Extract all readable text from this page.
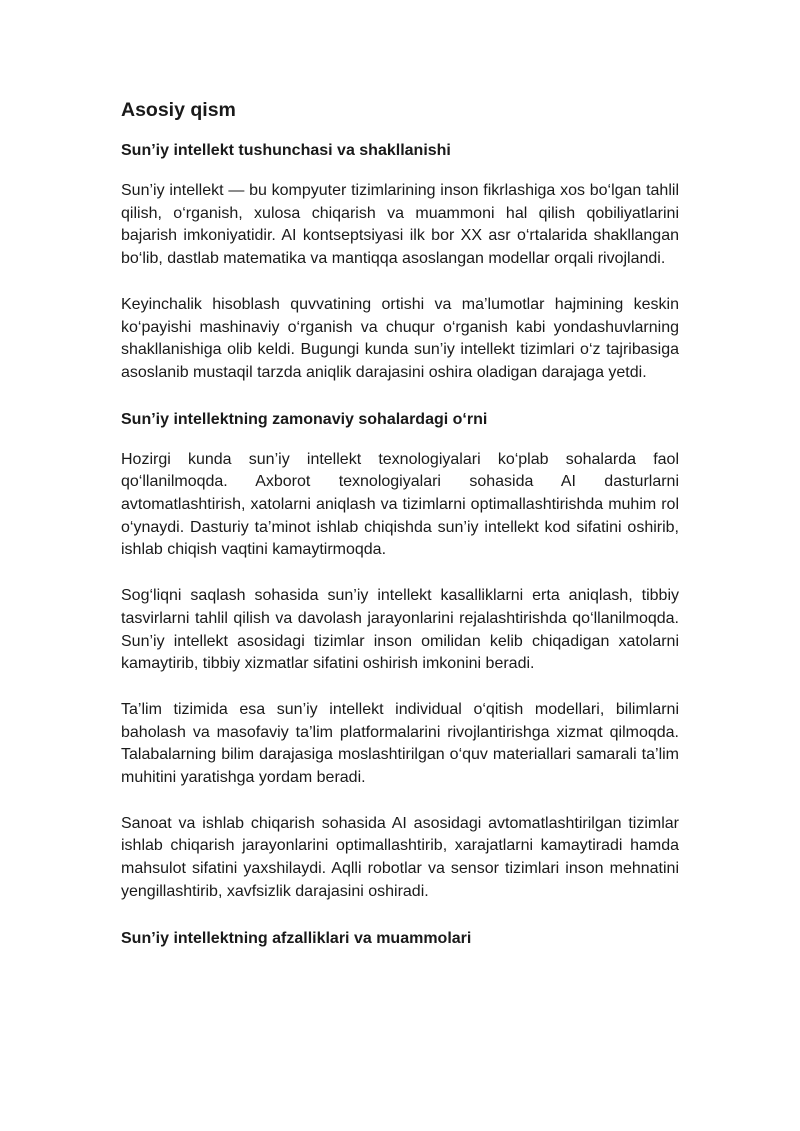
Asosiy qism
Sun’iy intellekt tushunchasi va shakllanishi

Sun’iy intellekt — bu kompyuter tizimlarining inson fikrlashiga xos bo‘lgan tahlil qilish, o‘rganish, xulosa chiqarish va muammoni hal qilish qobiliyatlarini bajarish imkoniyatidir. AI kontseptsiyasi ilk bor XX asr o‘rtalarida shakllangan bo‘lib, dastlab matematika va mantiqqa asoslangan modellar orqali rivojlandi.

Keyinchalik hisoblash quvvatining ortishi va ma’lumotlar hajmining keskin ko‘payishi mashinaviy o‘rganish va chuqur o‘rganish kabi yondashuvlarning shakllanishiga olib keldi. Bugungi kunda sun’iy intellekt tizimlari o‘z tajribasiga asoslanib mustaqil tarzda aniqlik darajasini oshira oladigan darajaga yetdi.

Sun’iy intellektning zamonaviy sohalardagi o‘rni

Hozirgi kunda sun’iy intellekt texnologiyalari ko‘plab sohalarda faol qo‘llanilmoqda. Axborot texnologiyalari sohasida AI dasturlarni avtomatlashtirish, xatolarni aniqlash va tizimlarni optimallashtirishda muhim rol o‘ynaydi. Dasturiy ta’minot ishlab chiqishda sun’iy intellekt kod sifatini oshirib, ishlab chiqish vaqtini kamaytirmoqda.

Sog‘liqni saqlash sohasida sun’iy intellekt kasalliklarni erta aniqlash, tibbiy tasvirlarni tahlil qilish va davolash jarayonlarini rejalashtirishda qo‘llanilmoqda. Sun’iy intellekt asosidagi tizimlar inson omilidan kelib chiqadigan xatolarni kamaytirib, tibbiy xizmatlar sifatini oshirish imkonini beradi.

Ta’lim tizimida esa sun’iy intellekt individual o‘qitish modellari, bilimlarni baholash va masofaviy ta’lim platformalarini rivojlantirishga xizmat qilmoqda. Talabalarning bilim darajasiga moslashtirilgan o‘quv materiallari samarali ta’lim muhitini yaratishga yordam beradi.

Sanoat va ishlab chiqarish sohasida AI asosidagi avtomatlashtirilgan tizimlar ishlab chiqarish jarayonlarini optimallashtirib, xarajatlarni kamaytiradi hamda mahsulot sifatini yaxshilaydi. Aqlli robotlar va sensor tizimlari inson mehnatini yengillashtirib, xavfsizlik darajasini oshiradi.

Sun’iy intellektning afzalliklari va muammolari
